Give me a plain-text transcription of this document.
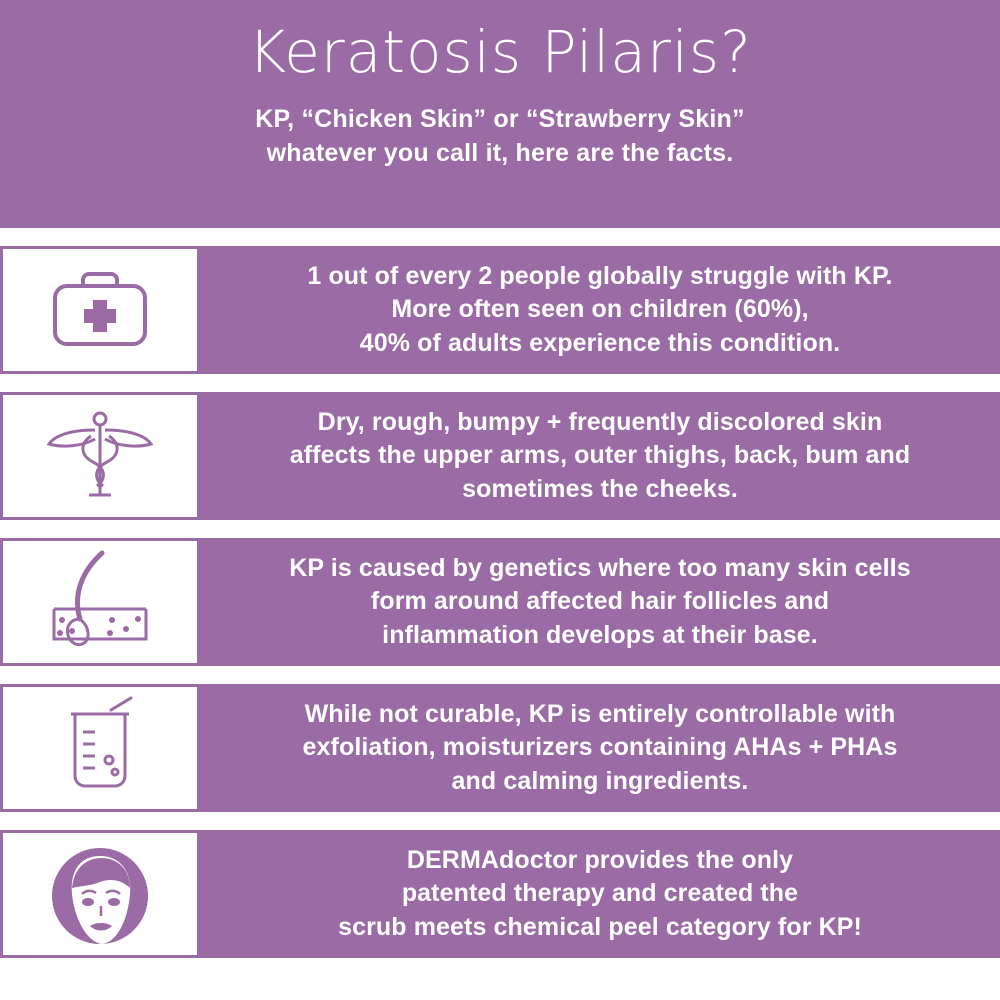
Keratosis Pilaris?
KP, “Chicken Skin” or “Strawberry Skin”
whatever you call it, here are the facts.
1 out of every 2 people globally struggle with KP.
More often seen on children (60%),
40% of adults experience this condition.
Dry, rough, bumpy + frequently discolored skin
affects the upper arms, outer thighs, back, bum and
sometimes the cheeks.
KP is caused by genetics where too many skin cells
form around affected hair follicles and
inflammation develops at their base.
While not curable, KP is entirely controllable with
exfoliation, moisturizers containing AHAs + PHAs
and calming ingredients.
DERMAdoctor provides the only
patented therapy and created the
scrub meets chemical peel category for KP!
